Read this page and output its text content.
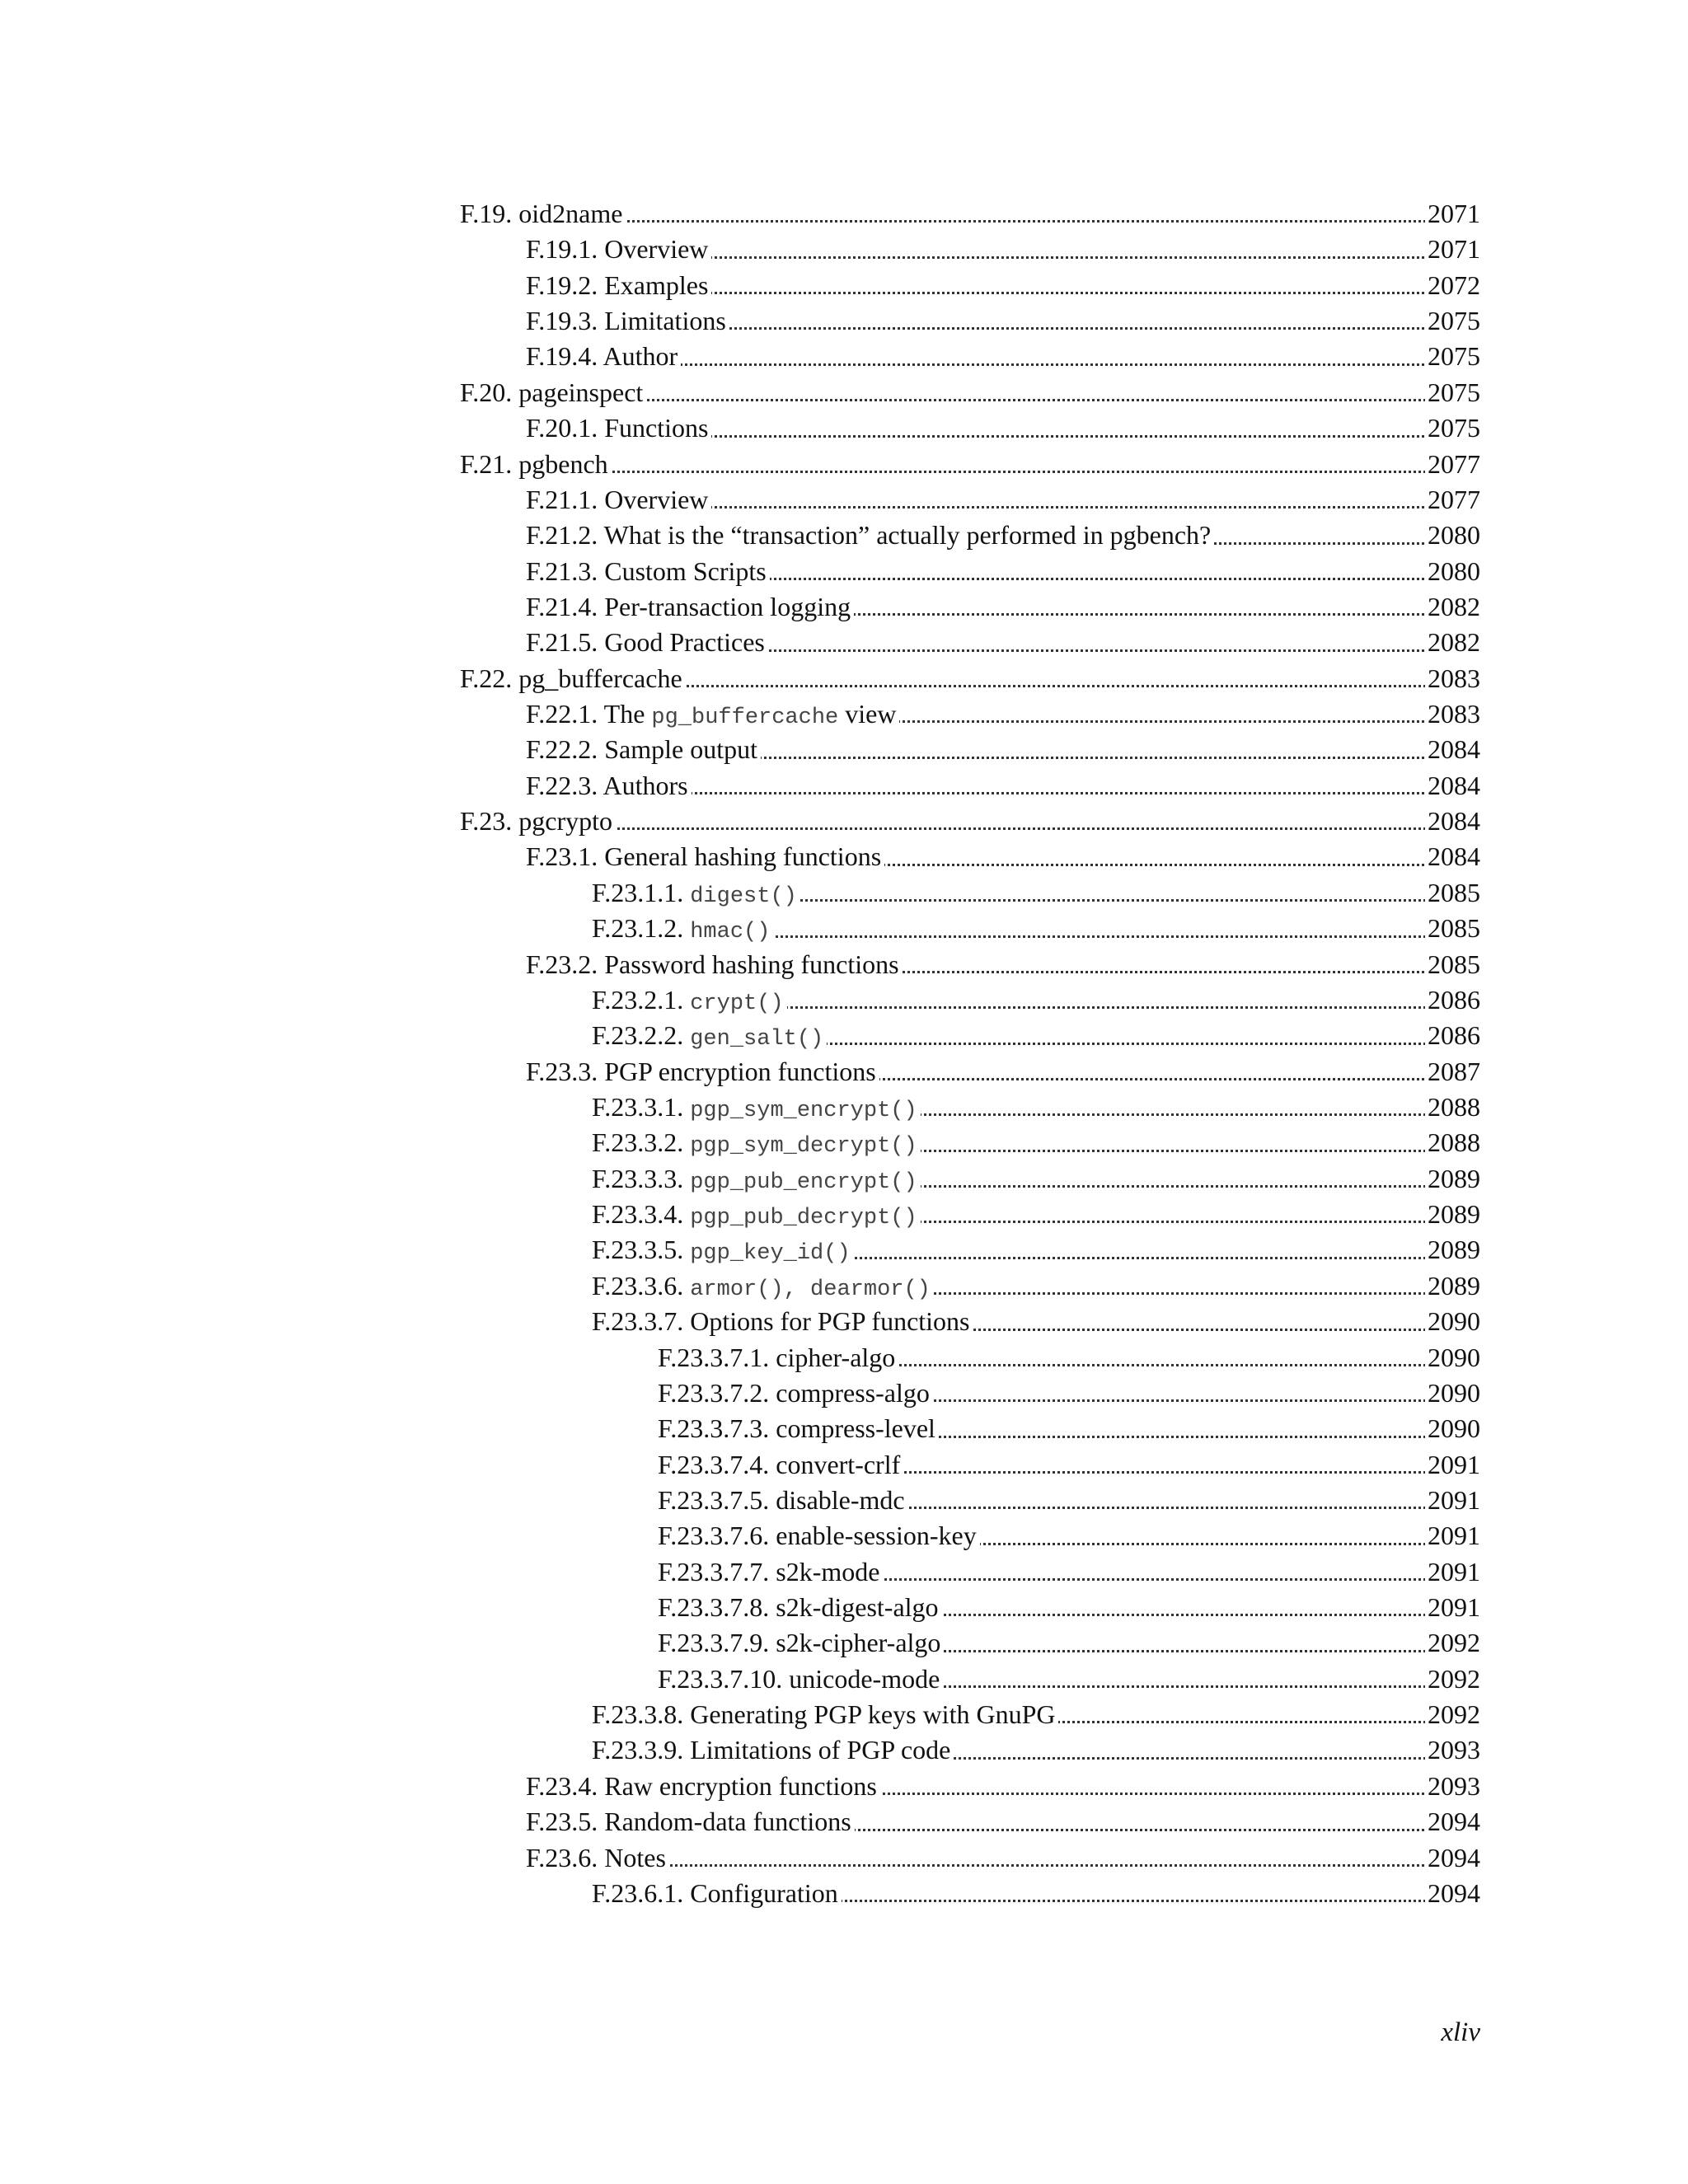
F.19. oid2name	2071
F.19.1. Overview	2071
F.19.2. Examples	2072
F.19.3. Limitations	2075
F.19.4. Author	2075
F.20. pageinspect	2075
F.20.1. Functions	2075
F.21. pgbench	2077
F.21.1. Overview	2077
F.21.2. What is the “transaction” actually performed in pgbench?	2080
F.21.3. Custom Scripts	2080
F.21.4. Per-transaction logging	2082
F.21.5. Good Practices	2082
F.22. pg_buffercache	2083
F.22.1. The pg_buffercache view	2083
F.22.2. Sample output	2084
F.22.3. Authors	2084
F.23. pgcrypto	2084
F.23.1. General hashing functions	2084
F.23.1.1. digest()	2085
F.23.1.2. hmac()	2085
F.23.2. Password hashing functions	2085
F.23.2.1. crypt()	2086
F.23.2.2. gen_salt()	2086
F.23.3. PGP encryption functions	2087
F.23.3.1. pgp_sym_encrypt()	2088
F.23.3.2. pgp_sym_decrypt()	2088
F.23.3.3. pgp_pub_encrypt()	2089
F.23.3.4. pgp_pub_decrypt()	2089
F.23.3.5. pgp_key_id()	2089
F.23.3.6. armor(), dearmor()	2089
F.23.3.7. Options for PGP functions	2090
F.23.3.7.1. cipher-algo	2090
F.23.3.7.2. compress-algo	2090
F.23.3.7.3. compress-level	2090
F.23.3.7.4. convert-crlf	2091
F.23.3.7.5. disable-mdc	2091
F.23.3.7.6. enable-session-key	2091
F.23.3.7.7. s2k-mode	2091
F.23.3.7.8. s2k-digest-algo	2091
F.23.3.7.9. s2k-cipher-algo	2092
F.23.3.7.10. unicode-mode	2092
F.23.3.8. Generating PGP keys with GnuPG	2092
F.23.3.9. Limitations of PGP code	2093
F.23.4. Raw encryption functions	2093
F.23.5. Random-data functions	2094
F.23.6. Notes	2094
F.23.6.1. Configuration	2094
xliv
